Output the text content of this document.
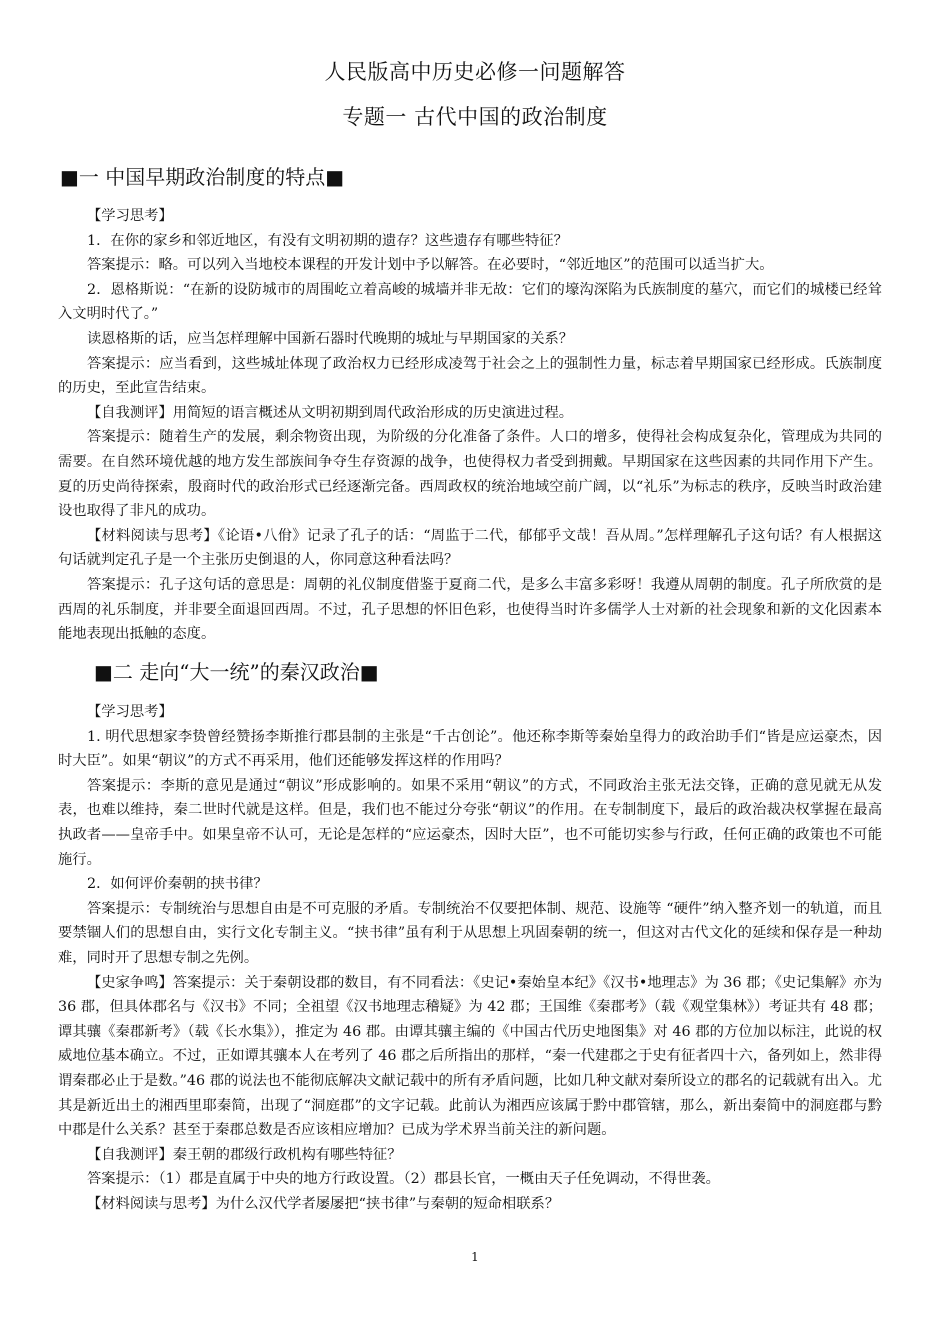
人民版高中历史必修一问题解答
专题一 古代中国的政治制度
■一 中国早期政治制度的特点■

【学习思考】

1．在你的家乡和邻近地区，有没有文明初期的遗存？这些遗存有哪些特征？

答案提示：略。可以列入当地校本课程的开发计划中予以解答。在必要时，“邻近地区”的范围可以适当扩大。

2．恩格斯说：“在新的设防城市的周围屹立着高峻的城墙并非无故：它们的壕沟深陷为氏族制度的墓穴，而它们的城楼已经耸入文明时代了。”

读恩格斯的话，应当怎样理解中国新石器时代晚期的城址与早期国家的关系？

答案提示：应当看到，这些城址体现了政治权力已经形成凌驾于社会之上的强制性力量，标志着早期国家已经形成。氏族制度的历史，至此宣告结束。

【自我测评】用简短的语言概述从文明初期到周代政治形成的历史演进过程。

答案提示：随着生产的发展，剩余物资出现，为阶级的分化准备了条件。人口的增多，使得社会构成复杂化，管理成为共同的需要。在自然环境优越的地方发生部族间争夺生存资源的战争，也使得权力者受到拥戴。早期国家在这些因素的共同作用下产生。夏的历史尚待探索，殷商时代的政治形式已经逐渐完备。西周政权的统治地域空前广阔，以“礼乐”为标志的秩序，反映当时政治建设也取得了非凡的成功。

【材料阅读与思考】《论语•八佾》记录了孔子的话：“周监于二代，郁郁乎文哉！吾从周。”怎样理解孔子这句话？有人根据这句话就判定孔子是一个主张历史倒退的人，你同意这种看法吗？

答案提示：孔子这句话的意思是：周朝的礼仪制度借鉴于夏商二代，是多么丰富多彩呀！我遵从周朝的制度。孔子所欣赏的是西周的礼乐制度，并非要全面退回西周。不过，孔子思想的怀旧色彩，也使得当时许多儒学人士对新的社会现象和新的文化因素本能地表现出抵触的态度。

■二 走向“大一统”的秦汉政治■

【学习思考】

1. 明代思想家李贽曾经赞扬李斯推行郡县制的主张是“千古创论”。他还称李斯等秦始皇得力的政治助手们“皆是应运豪杰，因时大臣”。如果“朝议”的方式不再采用，他们还能够发挥这样的作用吗？

答案提示：李斯的意见是通过“朝议”形成影响的。如果不采用“朝议”的方式，不同政治主张无法交锋，正确的意见就无从发表，也难以维持，秦二世时代就是这样。但是，我们也不能过分夸张“朝议”的作用。在专制制度下，最后的政治裁决权掌握在最高执政者——皇帝手中。如果皇帝不认可，无论是怎样的“应运豪杰，因时大臣”，也不可能切实参与行政，任何正确的政策也不可能施行。

2．如何评价秦朝的挟书律？

答案提示：专制统治与思想自由是不可克服的矛盾。专制统治不仅要把体制、规范、设施等 “硬件”纳入整齐划一的轨道，而且要禁锢人们的思想自由，实行文化专制主义。“挟书律”虽有利于从思想上巩固秦朝的统一，但这对古代文化的延续和保存是一种劫难，同时开了思想专制之先例。

【史家争鸣】答案提示：关于秦朝设郡的数目，有不同看法：《史记•秦始皇本纪》《汉书•地理志》为 36 郡；《史记集解》亦为 36 郡，但具体郡名与《汉书》不同；全祖望《汉书地理志稽疑》为 42 郡；王国维《秦郡考》（载《观堂集林》）考证共有 48 郡；谭其骧《秦郡新考》（载《长水集》），推定为 46 郡。由谭其骧主编的《中国古代历史地图集》对 46 郡的方位加以标注，此说的权威地位基本确立。不过，正如谭其骧本人在考列了 46 郡之后所指出的那样，“秦一代建郡之于史有征者四十六，备列如上，然非得谓秦郡必止于是数。”46 郡的说法也不能彻底解决文献记载中的所有矛盾问题，比如几种文献对秦所设立的郡名的记载就有出入。尤其是新近出土的湘西里耶秦简，出现了“洞庭郡”的文字记载。此前认为湘西应该属于黔中郡管辖，那么，新出秦简中的洞庭郡与黔中郡是什么关系？甚至于秦郡总数是否应该相应增加？已成为学术界当前关注的新问题。

【自我测评】秦王朝的郡级行政机构有哪些特征？

答案提示：（1）郡是直属于中央的地方行政设置。（2）郡县长官，一概由天子任免调动，不得世袭。

【材料阅读与思考】为什么汉代学者屡屡把“挟书律”与秦朝的短命相联系？

1
